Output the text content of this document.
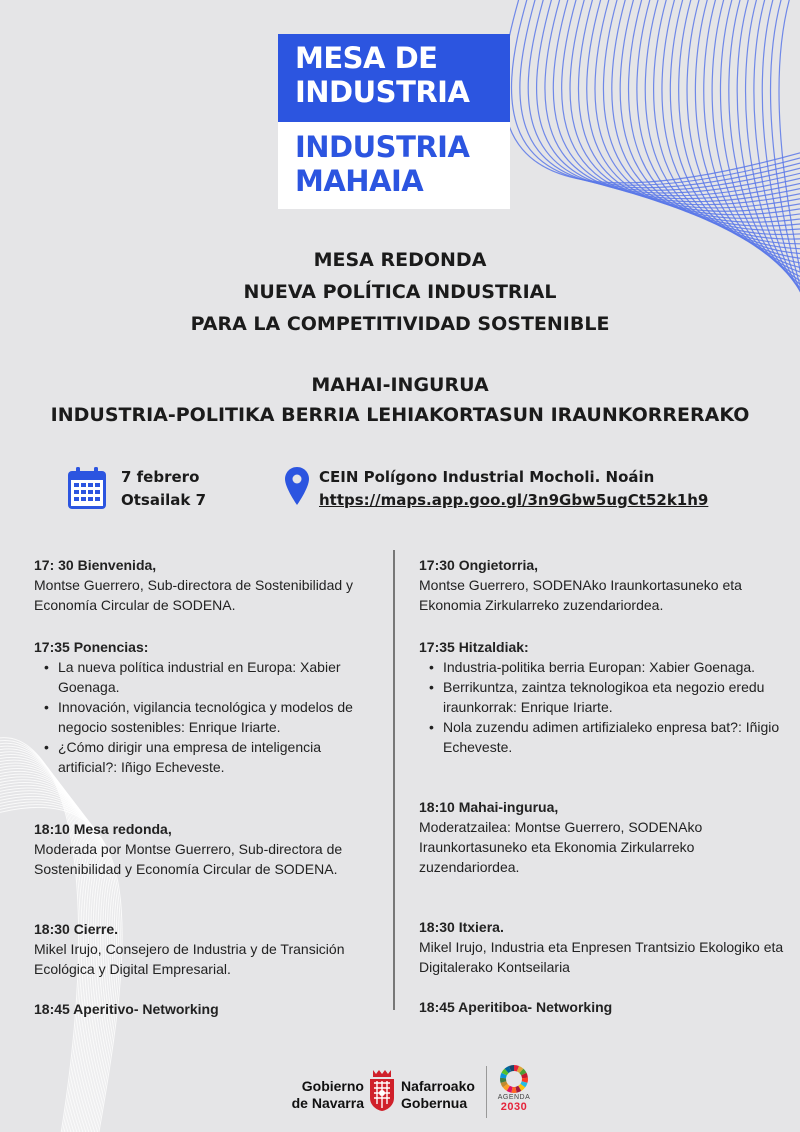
MESA DE
INDUSTRIA
INDUSTRIA
MAHAIA
MESA REDONDA
NUEVA POLÍTICA INDUSTRIAL
PARA LA COMPETITIVIDAD SOSTENIBLE
MAHAI-INGURUA
INDUSTRIA-POLITIKA BERRIA LEHIAKORTASUN IRAUNKORRERAKO
7 febrero
Otsailak 7
CEIN Polígono Industrial Mocholi. Noáin
https://maps.app.goo.gl/3n9Gbw5ugCt52k1h9
17: 30 Bienvenida,
Montse Guerrero, Sub-directora de Sostenibilidad y Economía Circular de SODENA.
17:35 Ponencias:
• La nueva política industrial en Europa: Xabier Goenaga.
• Innovación, vigilancia tecnológica y modelos de negocio sostenibles: Enrique Iriarte.
• ¿Cómo dirigir una empresa de inteligencia artificial?: Iñigo Echeveste.
18:10 Mesa redonda,
Moderada por Montse Guerrero, Sub-directora de Sostenibilidad y Economía Circular de SODENA.
18:30 Cierre.
Mikel Irujo, Consejero de Industria y de Transición Ecológica y Digital Empresarial.
18:45 Aperitivo- Networking
17:30 Ongietorria,
Montse Guerrero, SODENAko Iraunkortasuneko eta Ekonomia Zirkularreko zuzendariordea.
17:35 Hitzaldiak:
• Industria-politika berria Europan: Xabier Goenaga.
• Berrikuntza, zaintza teknologikoa eta negozio eredu iraunkorrak: Enrique Iriarte.
• Nola zuzendu adimen artifizialeko enpresa bat?: Iñigio Echeveste.
18:10 Mahai-ingurua,
Moderatzailea: Montse Guerrero, SODENAko Iraunkortasuneko eta Ekonomia Zirkularreko zuzendariordea.
18:30 Itxiera.
Mikel Irujo, Industria eta Enpresen Trantsizio Ekologiko eta Digitalerako Kontseilaria
18:45 Aperitiboa- Networking
Gobierno
de Navarra
Nafarroako
Gobernua	AGENDA
2030
